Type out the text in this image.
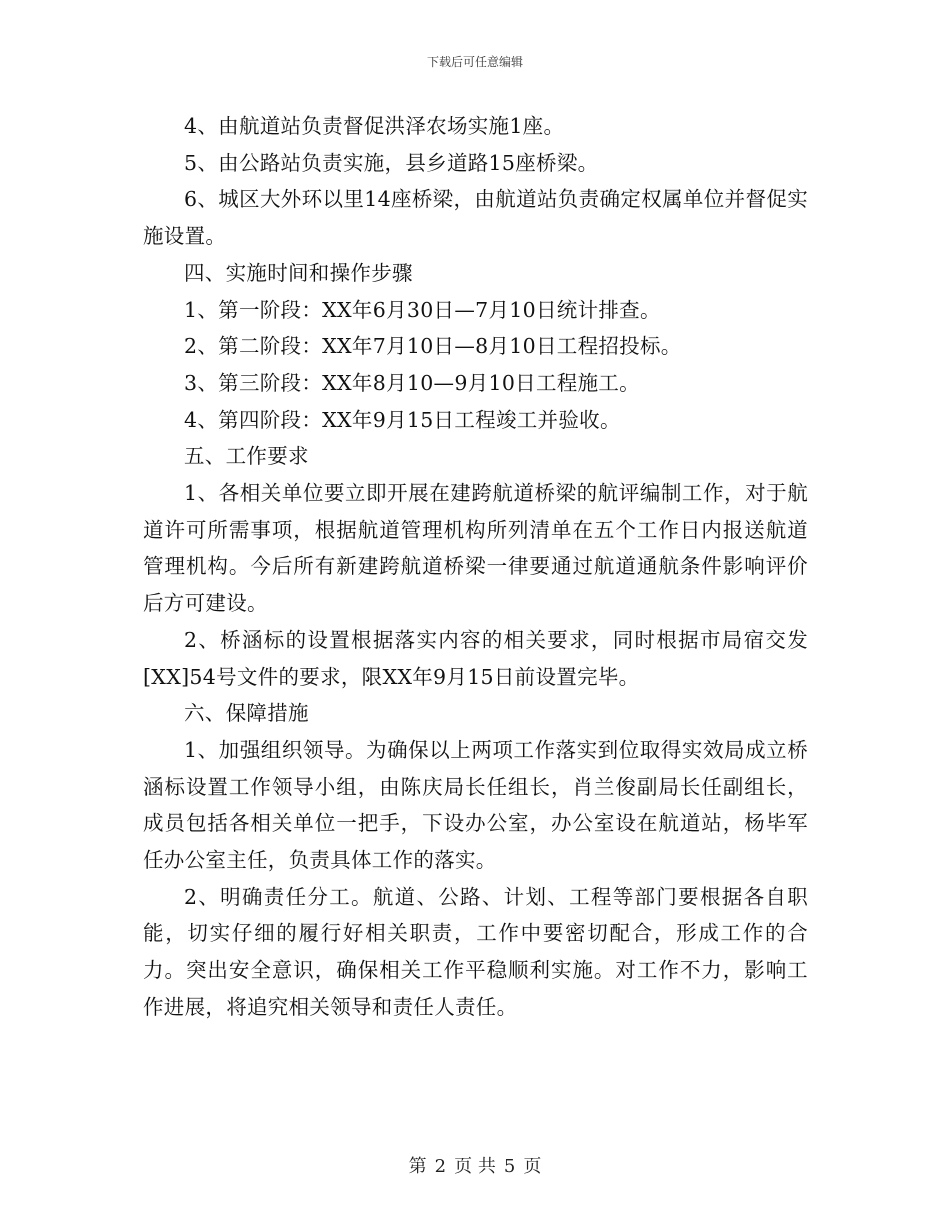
下载后可任意编辑

4、由航道站负责督促洪泽农场实施1座。

5、由公路站负责实施，县乡道路15座桥梁。

6、城区大外环以里14座桥梁，由航道站负责确定权属单位并督促实施设置。

四、实施时间和操作步骤

1、第一阶段：XX年6月30日—7月10日统计排查。

2、第二阶段：XX年7月10日—8月10日工程招投标。

3、第三阶段：XX年8月10—9月10日工程施工。

4、第四阶段：XX年9月15日工程竣工并验收。

五、工作要求

1、各相关单位要立即开展在建跨航道桥梁的航评编制工作，对于航道许可所需事项，根据航道管理机构所列清单在五个工作日内报送航道管理机构。今后所有新建跨航道桥梁一律要通过航道通航条件影响评价后方可建设。

2、桥涵标的设置根据落实内容的相关要求，同时根据市局宿交发[XX]54号文件的要求，限XX年9月15日前设置完毕。

六、保障措施

1、加强组织领导。为确保以上两项工作落实到位取得实效局成立桥涵标设置工作领导小组，由陈庆局长任组长，肖兰俊副局长任副组长，成员包括各相关单位一把手，下设办公室，办公室设在航道站，杨毕军任办公室主任，负责具体工作的落实。

2、明确责任分工。航道、公路、计划、工程等部门要根据各自职能，切实仔细的履行好相关职责，工作中要密切配合，形成工作的合力。突出安全意识，确保相关工作平稳顺利实施。对工作不力，影响工作进展，将追究相关领导和责任人责任。

第 2 页 共 5 页
